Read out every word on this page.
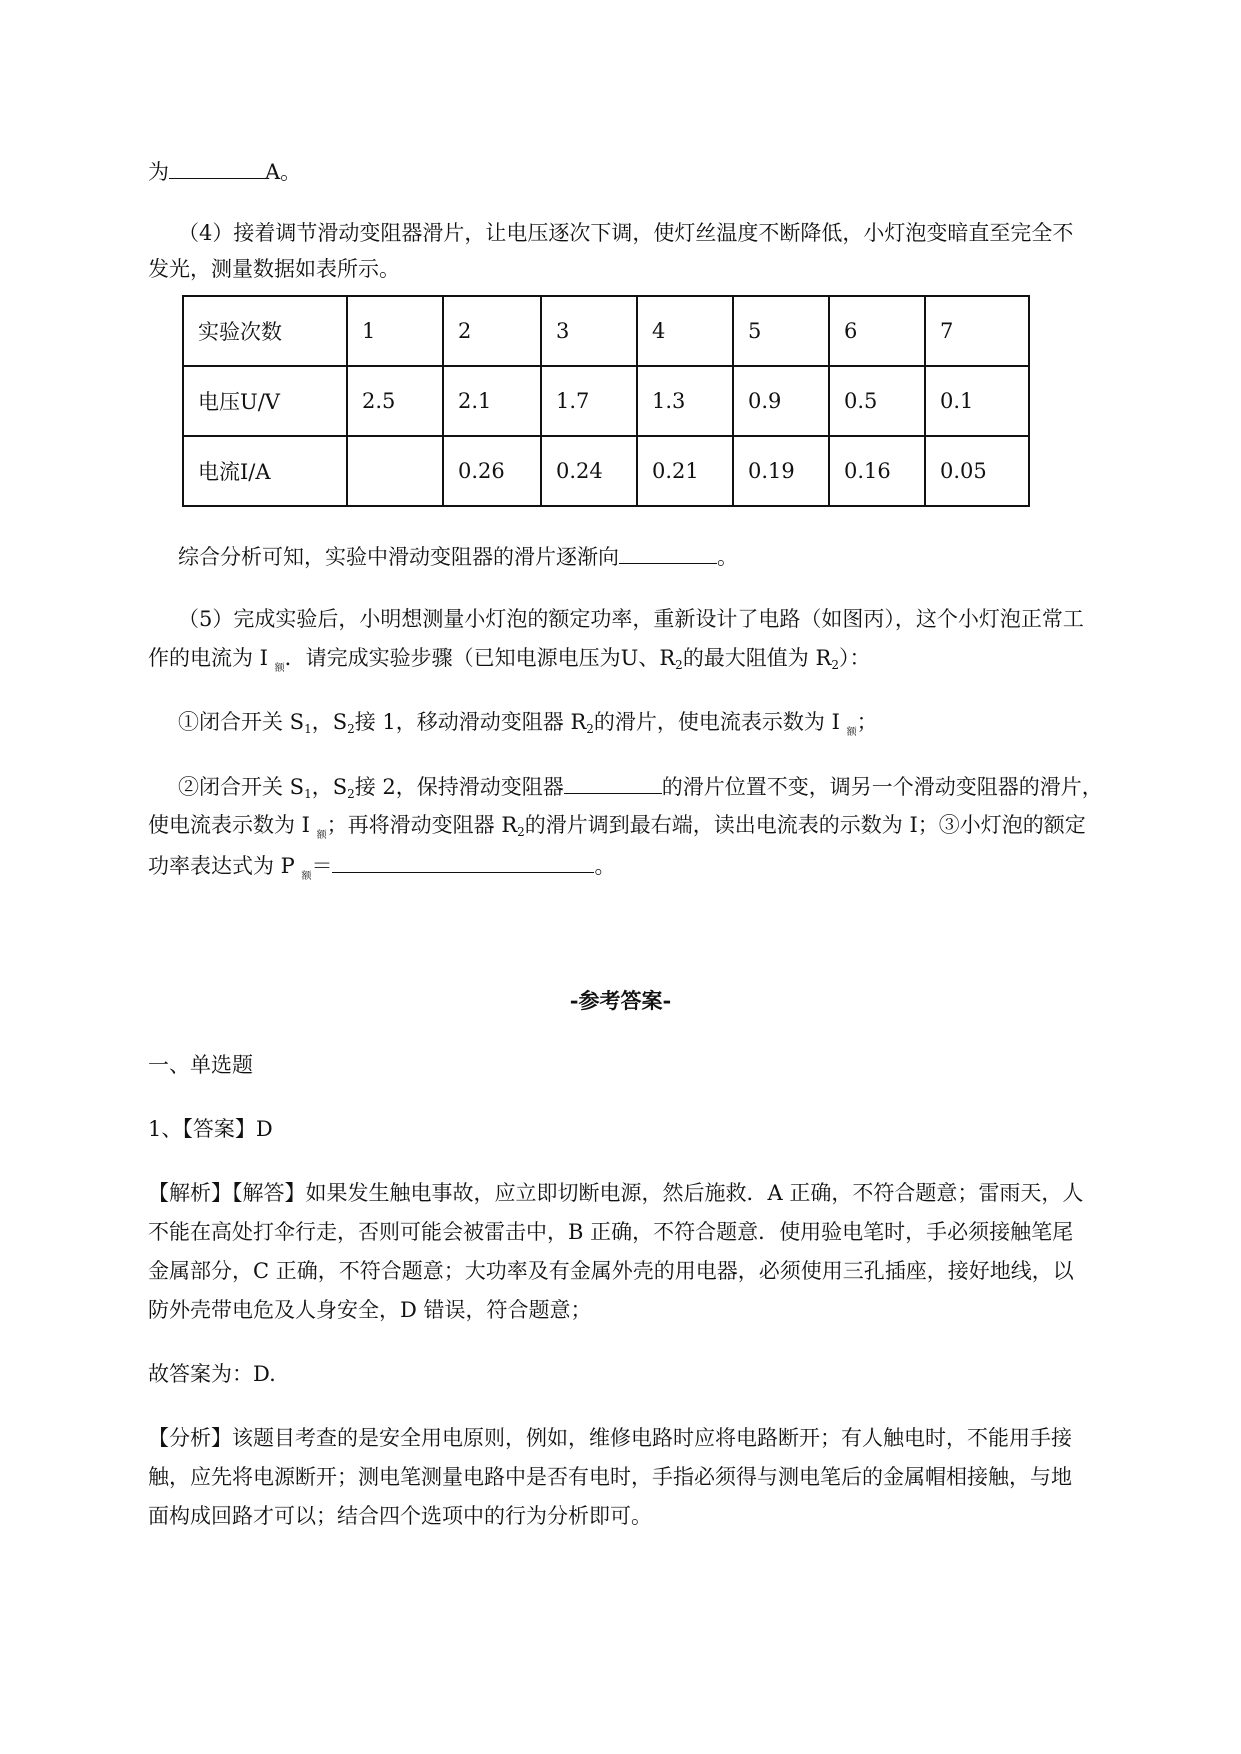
为	A。
（4）接着调节滑动变阻器滑片，让电压逐次下调，使灯丝温度不断降低，小灯泡变暗直至完全不
发光，测量数据如表所示。
实验次数	1	2	3	4	5	6	7
电压U/V	2.5	2.1	1.7	1.3	0.9	0.5	0.1
电流I/A		0.26	0.24	0.21	0.19	0.16	0.05
综合分析可知，实验中滑动变阻器的滑片逐渐向	。
（5）完成实验后，小明想测量小灯泡的额定功率，重新设计了电路（如图丙），这个小灯泡正常工
作的电流为 I $_额$．请完成实验步骤（已知电源电压为U、$R_2$的最大阻值为 $R_2$）：
①闭合开关 $S_1$，$S_2$接 1，移动滑动变阻器 $R_2$的滑片，使电流表示数为 I $_额$；
②闭合开关 $S_1$，$S_2$接 2，保持滑动变阻器	的滑片位置不变，调另一个滑动变阻器的滑片，
使电流表示数为 I $_额$；再将滑动变阻器 $R_2$的滑片调到最右端，读出电流表的示数为 I；③小灯泡的额定
功率表达式为 P $_额$＝	。
-参考答案-
一、单选题
1、【答案】D
【解析】【解答】如果发生触电事故，应立即切断电源，然后施救．A 正确，不符合题意；雷雨天，人
不能在高处打伞行走，否则可能会被雷击中，B 正确，不符合题意．使用验电笔时，手必须接触笔尾
金属部分，C 正确，不符合题意；大功率及有金属外壳的用电器，必须使用三孔插座，接好地线，以
防外壳带电危及人身安全，D 错误，符合题意；
故答案为：D.
【分析】该题目考查的是安全用电原则，例如，维修电路时应将电路断开；有人触电时，不能用手接
触，应先将电源断开；测电笔测量电路中是否有电时，手指必须得与测电笔后的金属帽相接触，与地
面构成回路才可以；结合四个选项中的行为分析即可。
